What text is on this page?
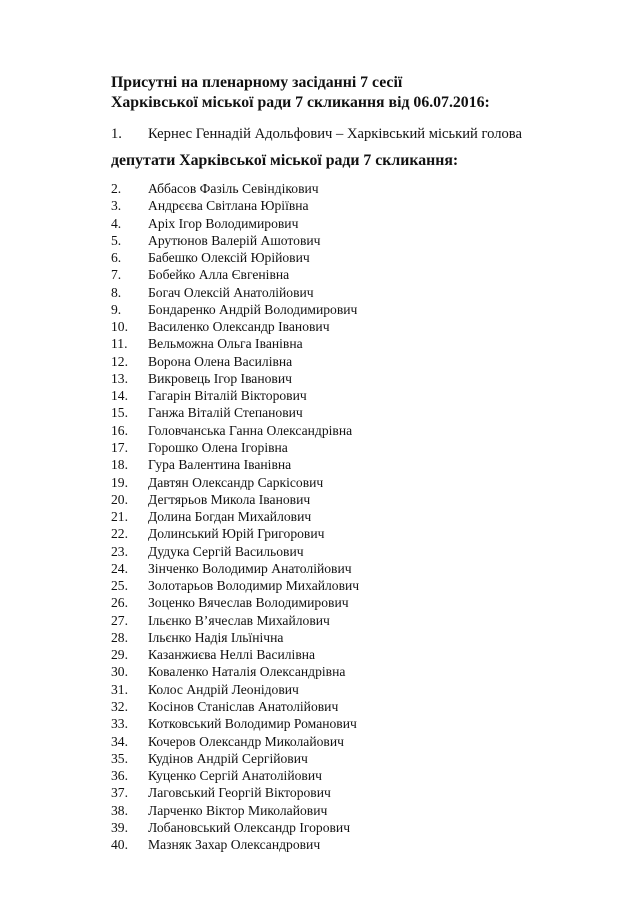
Присутні на пленарному засіданні 7 сесії
Харківської міської ради 7 скликання від 06.07.2016:
1. Кернес Геннадій Адольфович – Харківський міський голова
депутати Харківської міської ради 7 скликання:
2. Аббасов Фазіль Севіндікович
3. Андрєєва Світлана Юріївна
4. Аріх Ігор Володимирович
5. Арутюнов Валерій Ашотович
6. Бабешко Олексій Юрійович
7. Бобейко Алла Євгенівна
8. Богач Олексій Анатолійович
9. Бондаренко Андрій Володимирович
10. Василенко Олександр Іванович
11. Вельможна Ольга Іванівна
12. Ворона Олена Василівна
13. Викровець Ігор Іванович
14. Гагарін Віталій Вікторович
15. Ганжа Віталій Степанович
16. Головчанська Ганна Олександрівна
17. Горошко Олена Ігорівна
18. Гура Валентина Іванівна
19. Давтян Олександр Саркісович
20. Дегтярьов Микола Іванович
21. Долина Богдан Михайлович
22. Долинський Юрій Григорович
23. Дудука Сергій Васильович
24. Зінченко Володимир Анатолійович
25. Золотарьов Володимир Михайлович
26. Зоценко Вячеслав Володимирович
27. Ільєнко В’ячеслав Михайлович
28. Ільєнко Надія Ільїнічна
29. Казанжиєва Неллі Василівна
30. Коваленко Наталія Олександрівна
31. Колос Андрій Леонідович
32. Косінов Станіслав Анатолійович
33. Котковський Володимир Романович
34. Кочеров Олександр Миколайович
35. Кудінов Андрій Сергійович
36. Куценко Сергій Анатолійович
37. Лаговський Георгій Вікторович
38. Ларченко Віктор Миколайович
39. Лобановський Олександр Ігорович
40. Мазняк Захар Олександрович
